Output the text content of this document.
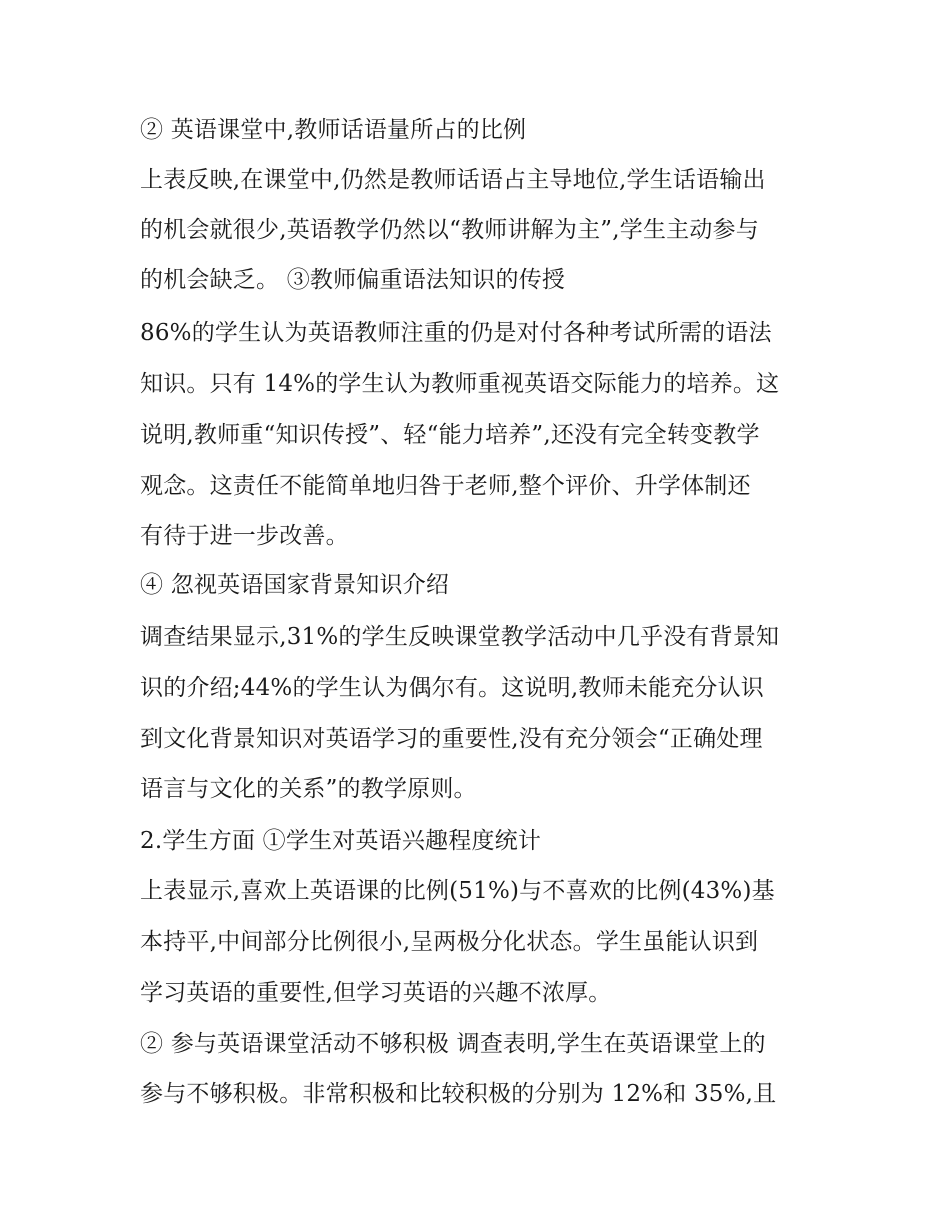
② 英语课堂中,教师话语量所占的比例
上表反映,在课堂中,仍然是教师话语占主导地位,学生话语输出
的机会就很少,英语教学仍然以“教师讲解为主”,学生主动参与
的机会缺乏。 ③教师偏重语法知识的传授
86%的学生认为英语教师注重的仍是对付各种考试所需的语法
知识。只有 14%的学生认为教师重视英语交际能力的培养。这
说明,教师重“知识传授”、轻“能力培养”,还没有完全转变教学
观念。这责任不能简单地归咎于老师,整个评价、升学体制还
有待于进一步改善。
④ 忽视英语国家背景知识介绍
调查结果显示,31%的学生反映课堂教学活动中几乎没有背景知
识的介绍;44%的学生认为偶尔有。这说明,教师未能充分认识
到文化背景知识对英语学习的重要性,没有充分领会“正确处理
语言与文化的关系”的教学原则。
2.学生方面 ①学生对英语兴趣程度统计
上表显示,喜欢上英语课的比例(51%)与不喜欢的比例(43%)基
本持平,中间部分比例很小,呈两极分化状态。学生虽能认识到
学习英语的重要性,但学习英语的兴趣不浓厚。
② 参与英语课堂活动不够积极 调查表明,学生在英语课堂上的
参与不够积极。非常积极和比较积极的分别为 12%和 35%,且
